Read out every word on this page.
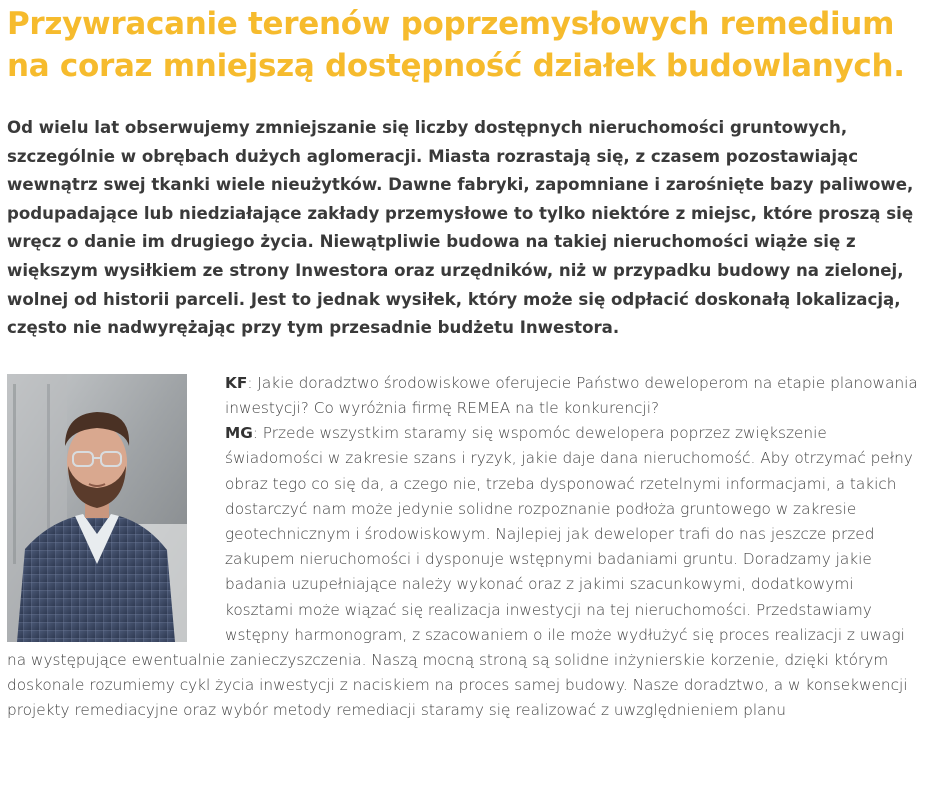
Przywracanie terenów poprzemysłowych remedium na coraz mniejszą dostępność działek budowlanych.

Od wielu lat obserwujemy zmniejszanie się liczby dostępnych nieruchomości gruntowych, szczególnie w obrębach dużych aglomeracji. Miasta rozrastają się, z czasem pozostawiając wewnątrz swej tkanki wiele nieużytków. Dawne fabryki, zapomniane i zarośnięte bazy paliwowe, podupadające lub niedziałające zakłady przemysłowe to tylko niektóre z miejsc, które proszą się wręcz o danie im drugiego życia. Niewątpliwie budowa na takiej nieruchomości wiąże się z większym wysiłkiem ze strony Inwestora oraz urzędników, niż w przypadku budowy na zielonej, wolnej od historii parceli. Jest to jednak wysiłek, który może się odpłacić doskonałą lokalizacją, często nie nadwyrężając przy tym przesadnie budżetu Inwestora.

KF: Jakie doradztwo środowiskowe oferujecie Państwo deweloperom na etapie planowania inwestycji? Co wyróżnia firmę REMEA na tle konkurencji?

MG: Przede wszystkim staramy się wspomóc dewelopera poprzez zwiększenie świadomości w zakresie szans i ryzyk, jakie daje dana nieruchomość. Aby otrzymać pełny obraz tego co się da, a czego nie, trzeba dysponować rzetelnymi informacjami, a takich dostarczyć nam może jedynie solidne rozpoznanie podłoża gruntowego w zakresie geotechnicznym i środowiskowym. Najlepiej jak deweloper trafi do nas jeszcze przed zakupem nieruchomości i dysponuje wstępnymi badaniami gruntu. Doradzamy jakie badania uzupełniające należy wykonać oraz z jakimi szacunkowymi, dodatkowymi kosztami może wiązać się realizacja inwestycji na tej nieruchomości. Przedstawiamy wstępny harmonogram, z szacowaniem o ile może wydłużyć się proces realizacji z uwagi na występujące ewentualnie zanieczyszczenia. Naszą mocną stroną są solidne inżynierskie korzenie, dzięki którym doskonale rozumiemy cykl życia inwestycji z naciskiem na proces samej budowy. Nasze doradztwo, a w konsekwencji projekty remediacyjne oraz wybór metody remediacji staramy się realizować z uwzględnieniem planu
